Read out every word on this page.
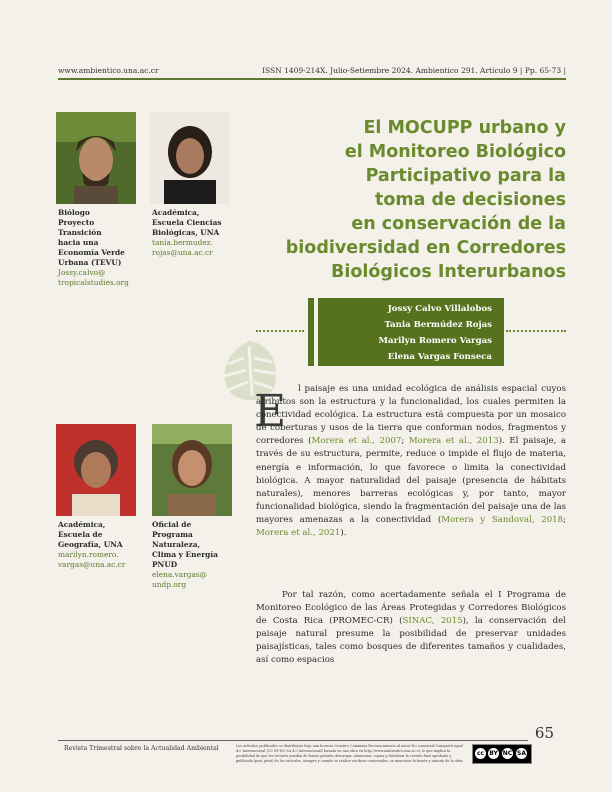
www.ambientico.una.ac.cr	ISSN 1409-214X. Julio-Setiembre 2024. Ambientico 291. Artículo 9 | Pp. 65-73 |
Biólogo
Proyecto
Transición
hacia una
Economía Verde
Urbana (TEVU)
Jossy.calvo@
tropicalstudies.org
Académica,
Escuela Ciencias
Biológicas, UNA
tania.bermudez.
rojas@una.ac.cr
El MOCUPP urbano y
el Monitoreo Biológico
Participativo para la
toma de decisiones
en conservación de la
biodiversidad en Corredores
Biológicos Interurbanos
Jossy Calvo Villalobos
Tania Bermúdez Rojas
Marilyn Romero Vargas
Elena Vargas Fonseca
Académica,
Escuela de
Geografía, UNA
marilyn.romero.
vargas@una.ac.cr
Oficial de
Programa
Naturaleza,
Clima y Energía
PNUD
elena.vargas@
undp.org
E	l paisaje es una unidad ecológica de análisis espacial cuyos atributos son la estructura y la funcionalidad, los cuales permiten la conectividad ecológica. La estructura está compuesta por un mosaico de coberturas y usos de la tierra que conforman nodos, fragmentos y corredores (Morera et al., 2007; Morera et al., 2013). El paisaje, a través de su estructura, permite, reduce o impide el flujo de materia, energía e información, lo que favorece o limita la conectividad biológica. A mayor naturalidad del paisaje (presencia de hábitats naturales), menores barreras ecológicas y, por tanto, mayor funcionalidad biológica, siendo la fragmentación del paisaje una de las mayores amenazas a la conectividad (Morera y Sandoval, 2018; Morera et al., 2021).

Por tal razón, como acertadamente señala el I Programa de Monitoreo Ecológico de las Áreas Protegidas y Corredores Biológicos de Costa Rica (PROMEC-CR) (SINAC, 2015), la conservación del paisaje natural presume la posibilidad de preservar unidades paisajísticas, tales como bosques de diferentes tamaños y cualidades, así como espacios

65
Revista Trimestral sobre la Actualidad Ambiental	Los artículos publicados se distribuyen bajo una licencia Creative Commons Reconocimiento al autor-No comercial-Compartir igual 4.0 Internacional (CC BY-NC SA 4.0 Internacional) basada en una obra en http://www.ambientico.una.ac.cr, lo que implica la posibilidad de que los lectores puedan de forma gratuita descargar, almacenar, copiar y distribuir la versión final aprobada y publicada (post print) de los artículos, siempre y cuando se realice sin fines comerciales, se mencione la fuente y autoría de la obra.
cc BY NC SA
